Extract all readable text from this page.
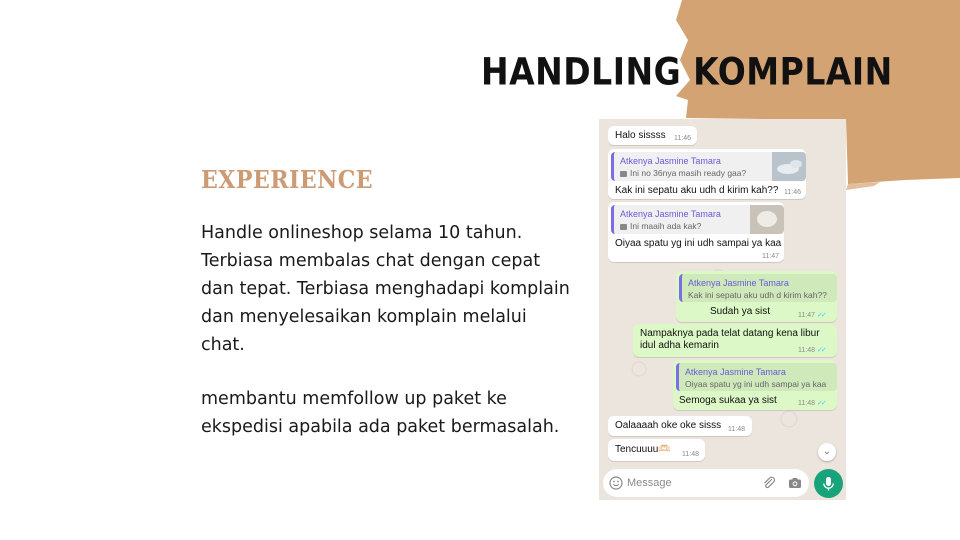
HANDLING KOMPLAIN
EXPERIENCE

Handle onlineshop selama 10 tahun. Terbiasa membalas chat dengan cepat dan tepat. Terbiasa menghadapi komplain dan menyelesaikan komplain melalui chat.

membantu memfollow up paket ke ekspedisi apabila ada paket bermasalah.

Halo sissss 11:46
Atkenya Jasmine Tamara
Ini no 36nya masih ready gaa?
Kak ini sepatu aku udh d kirim kah?? 11:46
Atkenya Jasmine Tamara
Ini maaih ada kak?
Oiyaa spatu yg ini udh sampai ya kaa
11:47
Atkenya Jasmine Tamara
Kak ini sepatu aku udh d kirim kah??
Sudah ya sist	11:47 ✓✓
Nampaknya pada telat datang kena libur
idul adha kemarin	11:48 ✓✓
Atkenya Jasmine Tamara
Oiyaa spatu yg ini udh sampai ya kaa
Semoga sukaa ya sist	11:48 ✓✓
Oalaaaah oke oke sisss 11:48
Tencuuuu🫶🏻 11:48	⌄
Message
